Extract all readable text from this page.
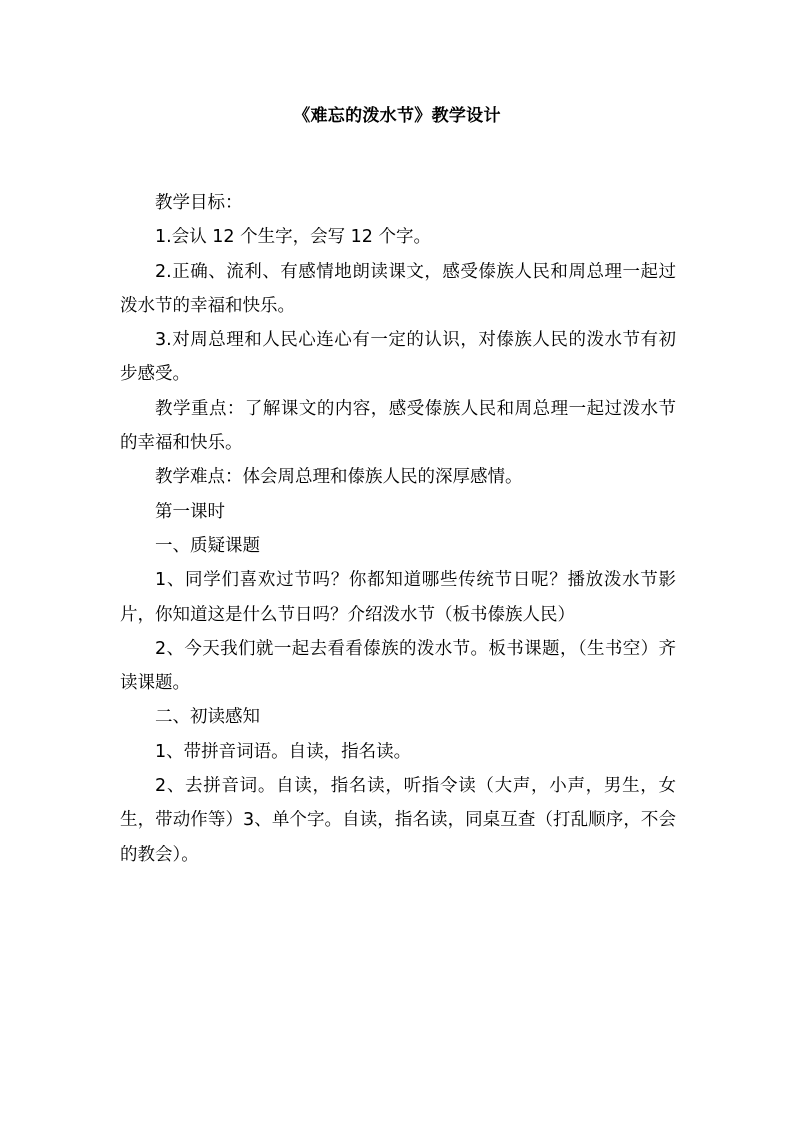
《难忘的泼水节》教学设计

教学目标：

1.会认 12 个生字，会写 12 个字。

2.正确、流利、有感情地朗读课文，感受傣族人民和周总理一起过泼水节的幸福和快乐。

3.对周总理和人民心连心有一定的认识，对傣族人民的泼水节有初步感受。

教学重点：了解课文的内容，感受傣族人民和周总理一起过泼水节的幸福和快乐。

教学难点：体会周总理和傣族人民的深厚感情。

第一课时

一、质疑课题

1、同学们喜欢过节吗？你都知道哪些传统节日呢？播放泼水节影片，你知道这是什么节日吗？介绍泼水节（板书傣族人民）

2、今天我们就一起去看看傣族的泼水节。板书课题，（生书空）齐读课题。

二、初读感知

1、带拼音词语。自读，指名读。

2、去拼音词。自读，指名读，听指令读（大声，小声，男生，女生，带动作等）3、单个字。自读，指名读，同桌互查（打乱顺序，不会的教会）。
